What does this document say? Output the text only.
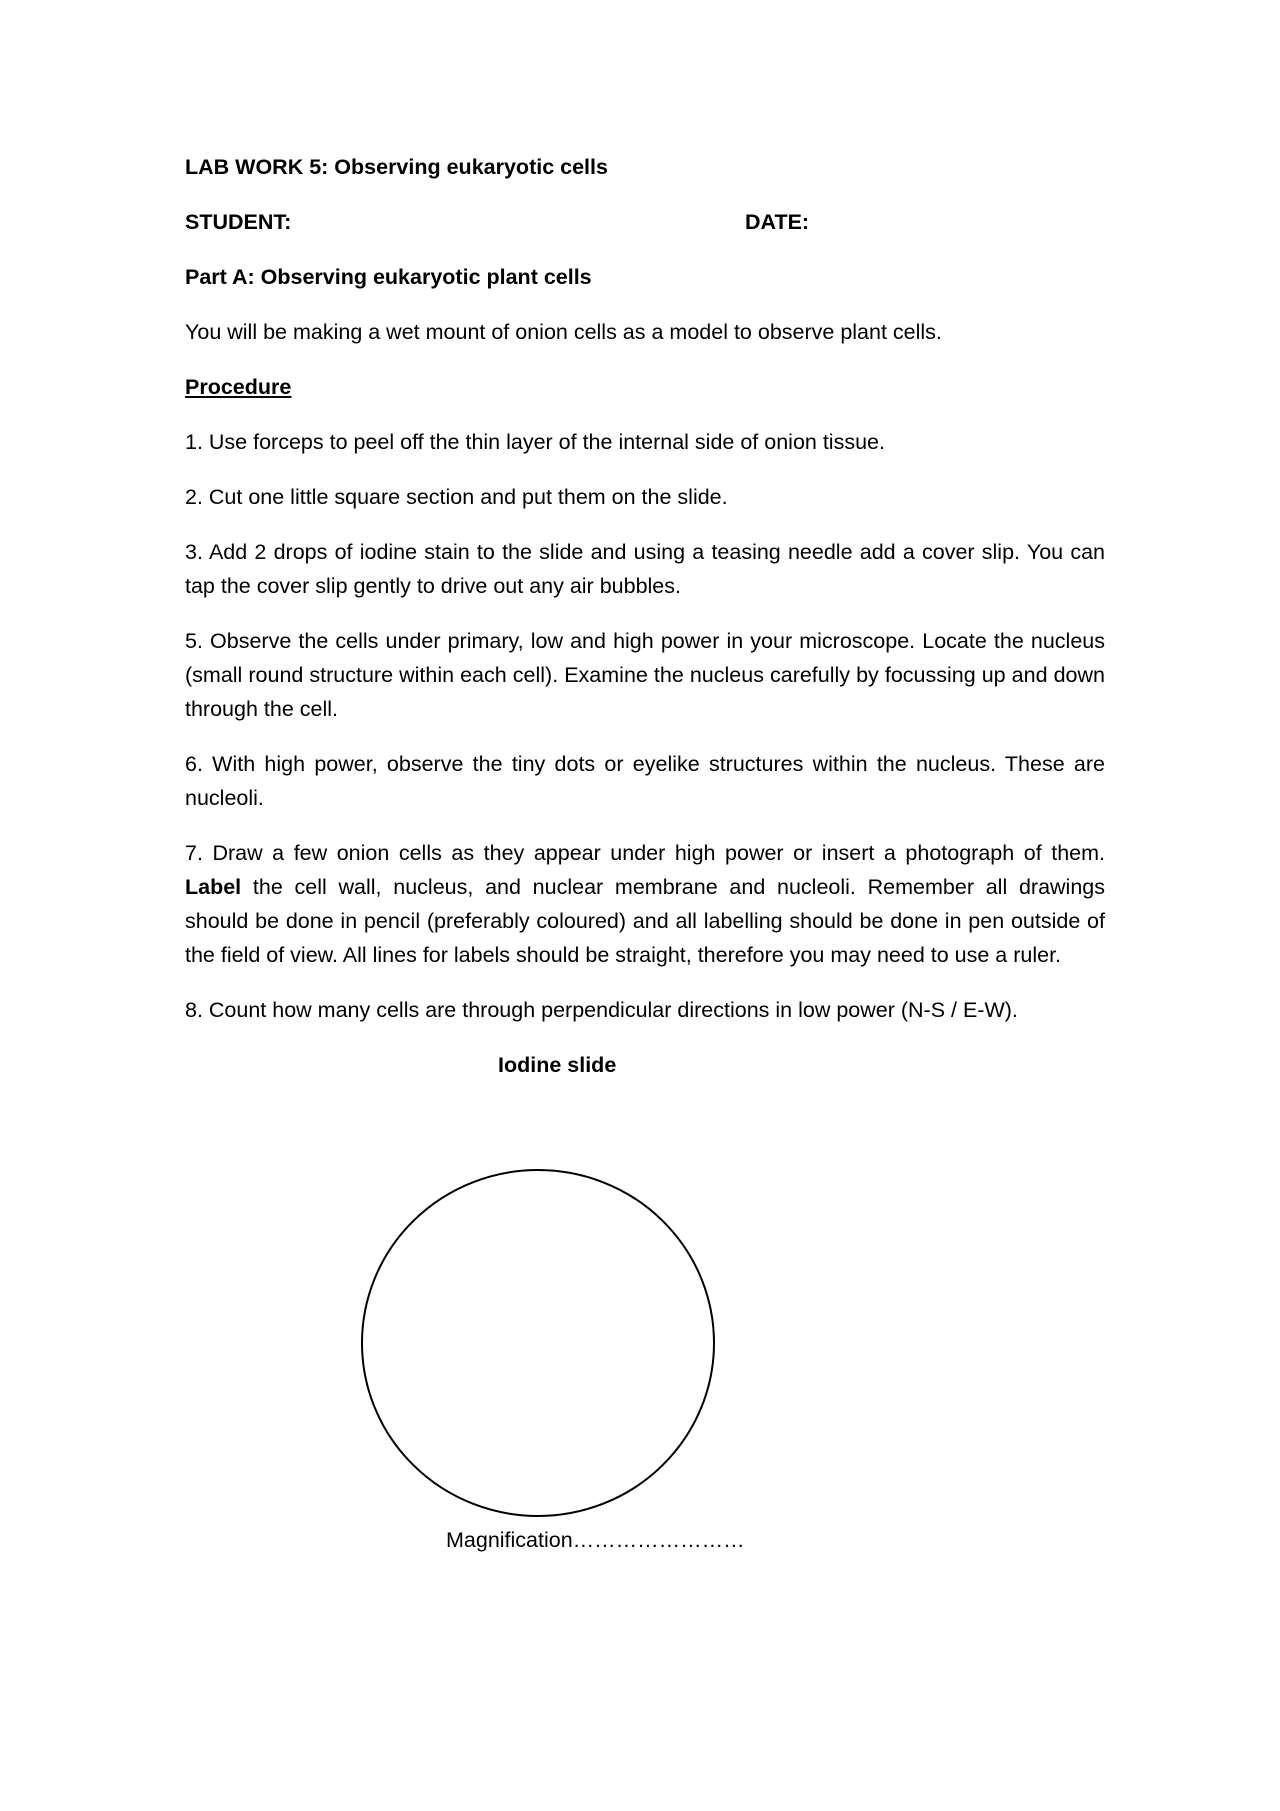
LAB WORK 5: Observing eukaryotic cells

STUDENT:	DATE:

Part A: Observing eukaryotic plant cells

You will be making a wet mount of onion cells as a model to observe plant cells.

Procedure

1. Use forceps to peel off the thin layer of the internal side of onion tissue.

2. Cut one little square section and put them on the slide.

3. Add 2 drops of iodine stain to the slide and using a teasing needle add a cover slip. You can tap the cover slip gently to drive out any air bubbles.

5. Observe the cells under primary, low and high power in your microscope. Locate the nucleus (small round structure within each cell). Examine the nucleus carefully by focussing up and down through the cell.

6. With high power, observe the tiny dots or eyelike structures within the nucleus. These are nucleoli.

7. Draw a few onion cells as they appear under high power or insert a photograph of them. Label the cell wall, nucleus, and nuclear membrane and nucleoli. Remember all drawings should be done in pencil (preferably coloured) and all labelling should be done in pen outside of the field of view. All lines for labels should be straight, therefore you may need to use a ruler.

8. Count how many cells are through perpendicular directions in low power (N-S / E-W).

Iodine slide

Magnification……………………
